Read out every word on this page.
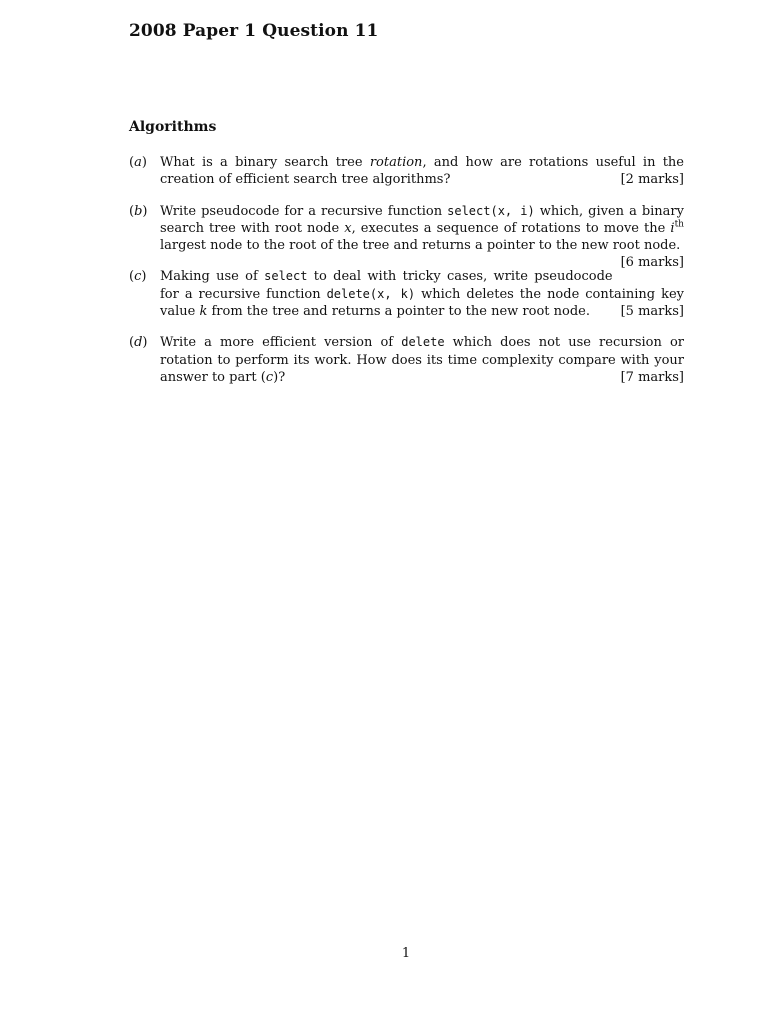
2008 Paper 1 Question 11
Algorithms
(a)	What is a binary search tree rotation, and how are rotations useful in the creation of efficient search tree algorithms?	[2 marks]
(b) Write pseudocode for a recursive function select(x, i) which, given a binary search tree with root node x, executes a sequence of rotations to move the $i^{th}$ largest node to the root of the tree and returns a pointer to the new root node.
[6 marks]
(c)	Making use of select to deal with tricky cases, write pseudocode for a recursive function delete(x, k) which deletes the node containing key value k from the tree and returns a pointer to the new root node. [5 marks]
(d) Write a more efficient version of delete which does not use recursion or rotation to perform its work. How does its time complexity compare with your answer to part (c)?	[7 marks]
1
